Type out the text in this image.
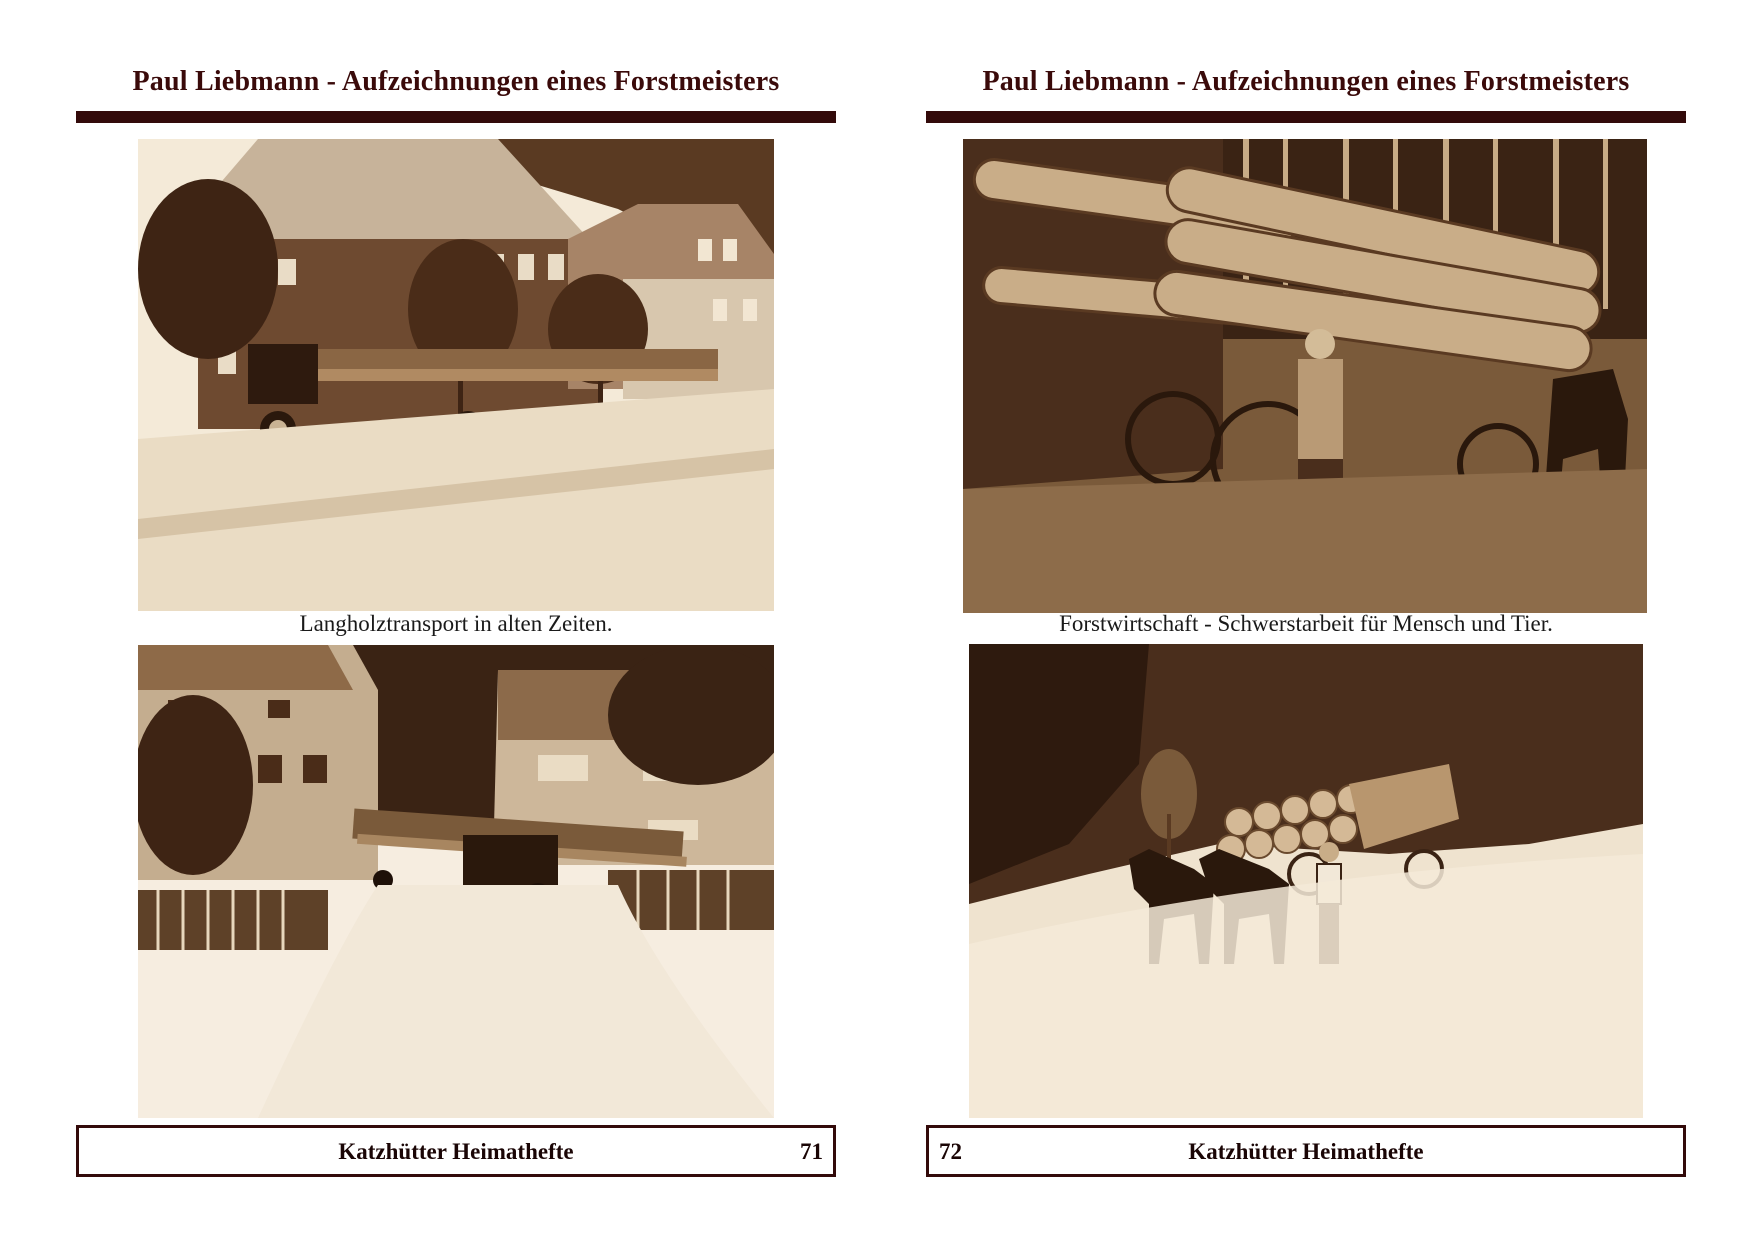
Paul Liebmann - Aufzeichnungen eines Forstmeisters
Langholztransport in alten Zeiten.
Katzhütter Heimathefte	71
Paul Liebmann - Aufzeichnungen eines Forstmeisters
Forstwirtschaft - Schwerstarbeit für Mensch und Tier.
Katzhütter Heimathefte
72
